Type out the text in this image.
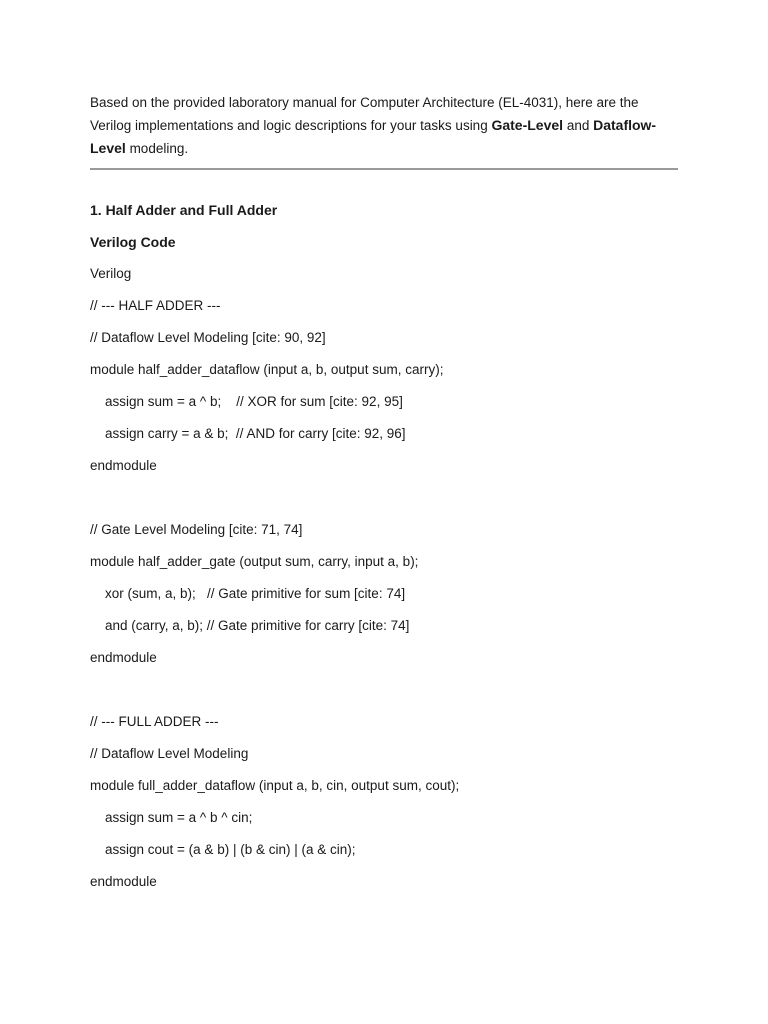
Based on the provided laboratory manual for Computer Architecture (EL-4031), here are the Verilog implementations and logic descriptions for your tasks using Gate-Level and Dataflow-Level modeling.

1. Half Adder and Full Adder

Verilog Code

Verilog

// --- HALF ADDER ---

// Dataflow Level Modeling [cite: 90, 92]

module half_adder_dataflow (input a, b, output sum, carry);

assign sum = a ^ b;    // XOR for sum [cite: 92, 95]

assign carry = a & b;  // AND for carry [cite: 92, 96]

endmodule

// Gate Level Modeling [cite: 71, 74]

module half_adder_gate (output sum, carry, input a, b);

xor (sum, a, b);   // Gate primitive for sum [cite: 74]

and (carry, a, b); // Gate primitive for carry [cite: 74]

endmodule

// --- FULL ADDER ---

// Dataflow Level Modeling

module full_adder_dataflow (input a, b, cin, output sum, cout);

assign sum = a ^ b ^ cin;

assign cout = (a & b) | (b & cin) | (a & cin);

endmodule
